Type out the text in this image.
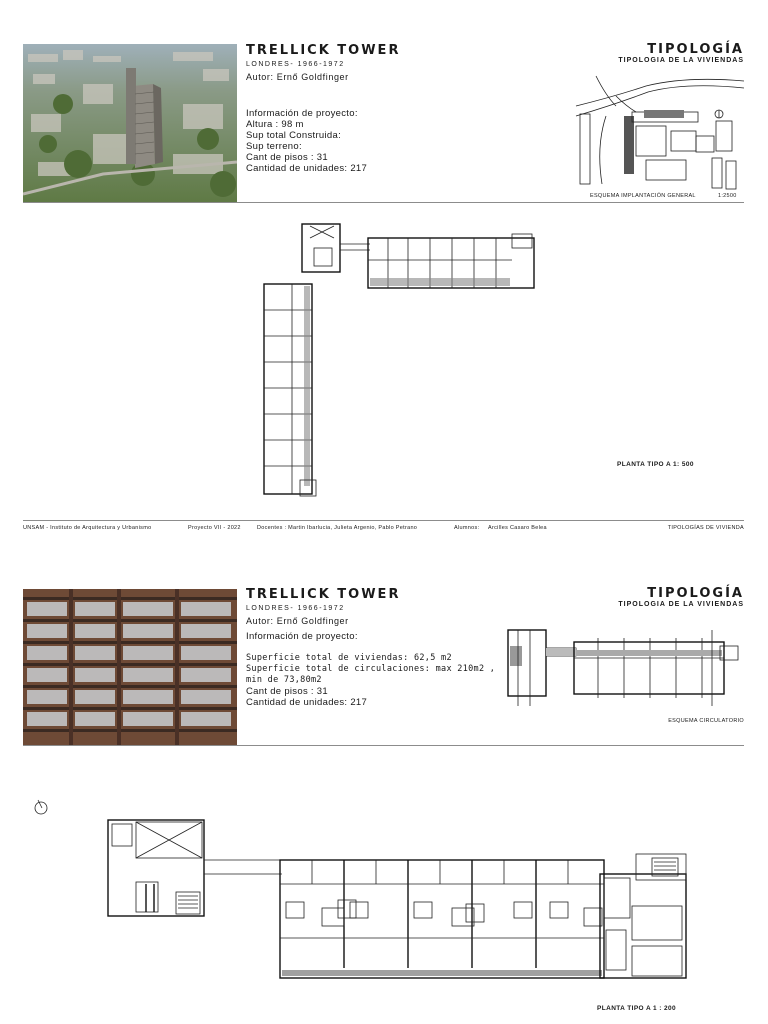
TRELLICK TOWER
LONDRES- 1966-1972
Autor: Ernő Goldfinger
Información de proyecto:
Altura : 98 m
Sup total Construida:
Sup terreno:
Cant de pisos : 31
Cantidad de unidades: 217
TIPOLOGÍA
TIPOLOGIA DE LA VIVIENDAS
ESQUEMA IMPLANTACIÓN GENERAL	1:2500
PLANTA TIPO A 1: 500
UNSAM - Instituto de Arquitectura y Urbanismo	Proyecto VII - 2022	Docentes : Martin Ibarlucia, Julieta Argenio, Pablo Petrano	Alumnos: Arcilles Casaro Belea	TIPOLOGÍAS DE VIVIENDA
TRELLICK TOWER
LONDRES- 1966-1972
Autor: Ernő Goldfinger
Información de proyecto:
Superficie total de viviendas: 62,5 m2
Superficie total de circulaciones: max 210m2 ,
min de 73,80m2
Cant de pisos : 31
Cantidad de unidades: 217
TIPOLOGÍA
TIPOLOGIA DE LA VIVIENDAS
ESQUEMA CIRCULATORIO
PLANTA TIPO A 1 : 200
